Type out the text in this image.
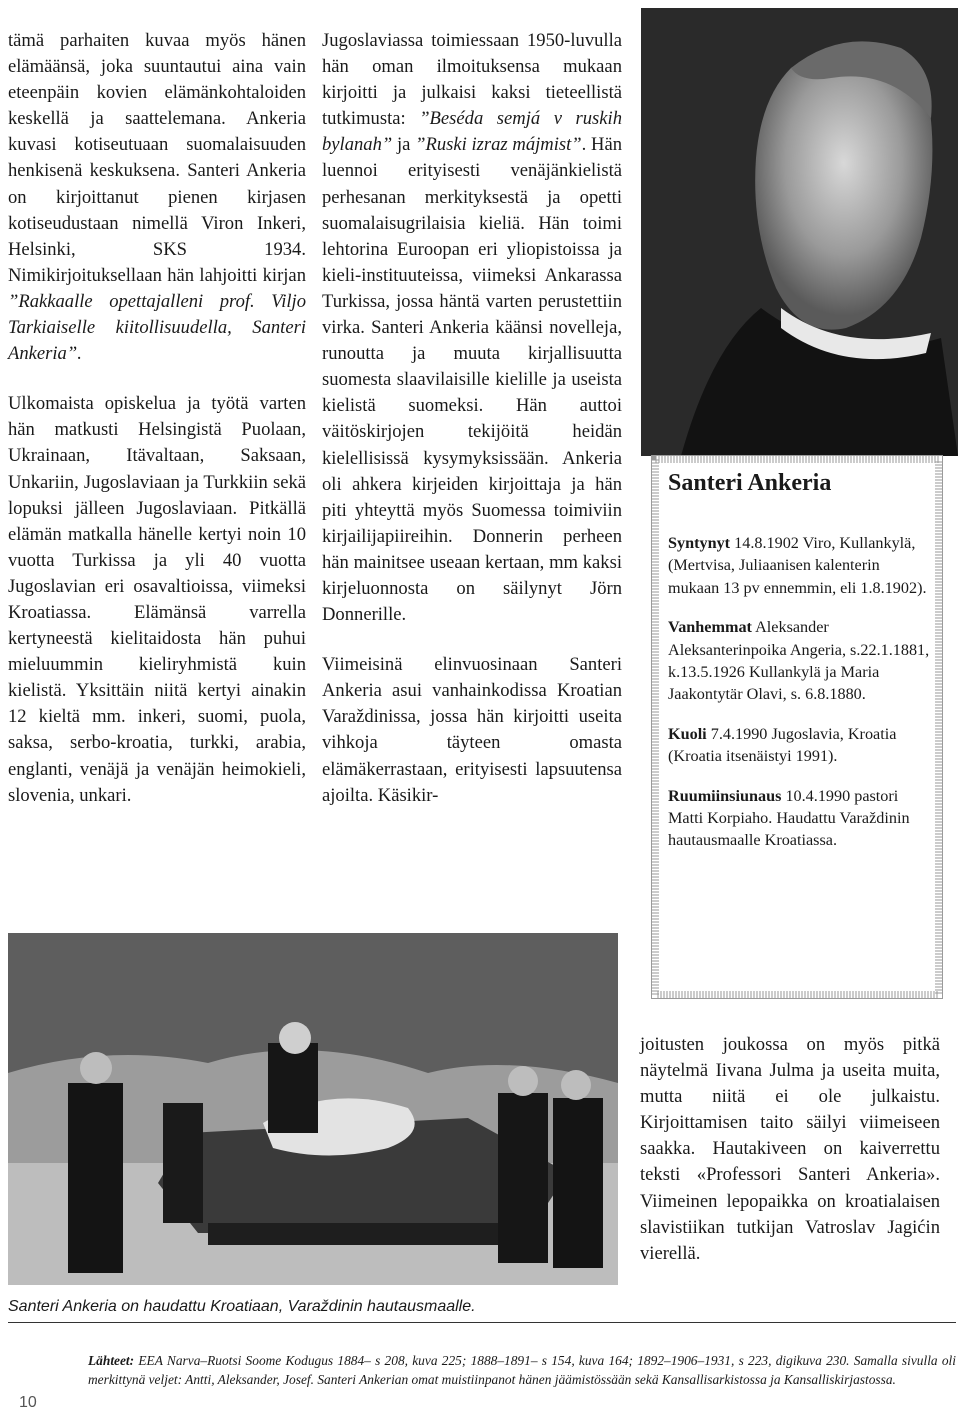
tämä parhaiten kuvaa myös hänen elämäänsä, joka suuntautui aina vain eteenpäin kovien elämänkohtaloiden keskellä ja saattelemana. Ankeria kuvasi kotiseutuaan suomalaisuuden henkisenä keskuksena. Santeri Ankeria on kirjoittanut pienen kirjasen kotiseudustaan nimellä Viron Inkeri, Helsinki, SKS 1934. Nimikirjoituksellaan hän lahjoitti kirjan ”Rakkaalle opettajalleni prof. Viljo Tarkiaiselle kiitollisuudella, Santeri Ankeria”.

Ulkomaista opiskelua ja työtä varten hän matkusti Helsingistä Puolaan, Ukrainaan, Itävaltaan, Saksaan, Unkariin, Jugoslaviaan ja Turkkiin sekä lopuksi jälleen Jugoslaviaan. Pitkällä elämän matkalla hänelle kertyi noin 10 vuotta Turkissa ja yli 40 vuotta Jugoslavian eri osavaltioissa, viimeksi Kroatiassa. Elämänsä varrella kertyneestä kielitaidosta hän puhui mieluummin kieliryhmistä kuin kielistä. Yksittäin niitä kertyi ainakin 12 kieltä mm. inkeri, suomi, puola, saksa, serbo-kroatia, turkki, arabia, englanti, venäjä ja venäjän heimokieli, slovenia, unkari.

Jugoslaviassa toimiessaan 1950-luvulla hän oman ilmoituksensa mukaan kirjoitti ja julkaisi kaksi tieteellistä tutkimusta: ”Beséda semjá v ruskih bylanah” ja ”Ruski izraz májmist”. Hän luennoi erityisesti venäjänkielistä perhesanan merkityksestä ja opetti suomalaisugrilaisia kieliä. Hän toimi lehtorina Euroopan eri yliopistoissa ja kieli-instituuteissa, viimeksi Ankarassa Turkissa, jossa häntä varten perustettiin virka. Santeri Ankeria käänsi novelleja, runoutta ja muuta kirjallisuutta suomesta slaavilaisille kielille ja useista kielistä suomeksi. Hän auttoi väitöskirjojen tekijöitä heidän kielellisissä kysymyksissään. Ankeria oli ahkera kirjeiden kirjoittaja ja hän piti yhteyttä myös Suomessa toimiviin kirjailijapiireihin. Donnerin perheen hän mainitsee useaan kertaan, mm kaksi kirjeluonnosta on säilynyt Jörn Donnerille.

Viimeisinä elinvuosinaan Santeri Ankeria asui vanhainkodissa Kroatian Varaždinissa, jossa hän kirjoitti useita vihkoja täyteen omasta elämäkerrastaan, erityisesti lapsuutensa ajoilta. Käsikir-

Santeri Ankeria
Syntynyt 14.8.1902 Viro, Kullankylä, (Mertvisa, Juliaanisen kalenterin mukaan 13 pv ennemmin, eli 1.8.1902).
Vanhemmat Aleksander Aleksanterinpoika Angeria, s.22.1.1881, k.13.5.1926 Kullankylä ja Maria Jaakontytär Olavi, s. 6.8.1880.
Kuoli 7.4.1990 Jugoslavia, Kroatia (Kroatia itsenäistyi 1991).
Ruumiinsiunaus 10.4.1990 pastori Matti Korpiaho. Haudattu Varaždinin hautausmaalle Kroatiassa.

joitusten joukossa on myös pitkä näytelmä Iivana Julma ja useita muita, mutta niitä ei ole julkaistu. Kirjoittamisen taito säilyi viimeiseen saakka. Hautakiveen on kaiverrettu teksti «Professori Santeri Ankeria». Viimeinen lepopaikka on kroatialaisen slavistiikan tutkijan Vatroslav Jagićin vierellä.

Santeri Ankeria on haudattu Kroatiaan, Varaždinin hautausmaalle.
10
Lähteet: EEA Narva–Ruotsi Soome Kodugus 1884– s 208, kuva 225; 1888–1891– s 154, kuva 164; 1892–1906–1931, s 223, digikuva 230. Samalla sivulla oli merkittynä veljet: Antti, Aleksander, Josef. Santeri Ankerian omat muistiinpanot hänen jäämistössään sekä Kansallisarkistossa ja Kansalliskirjastossa.
